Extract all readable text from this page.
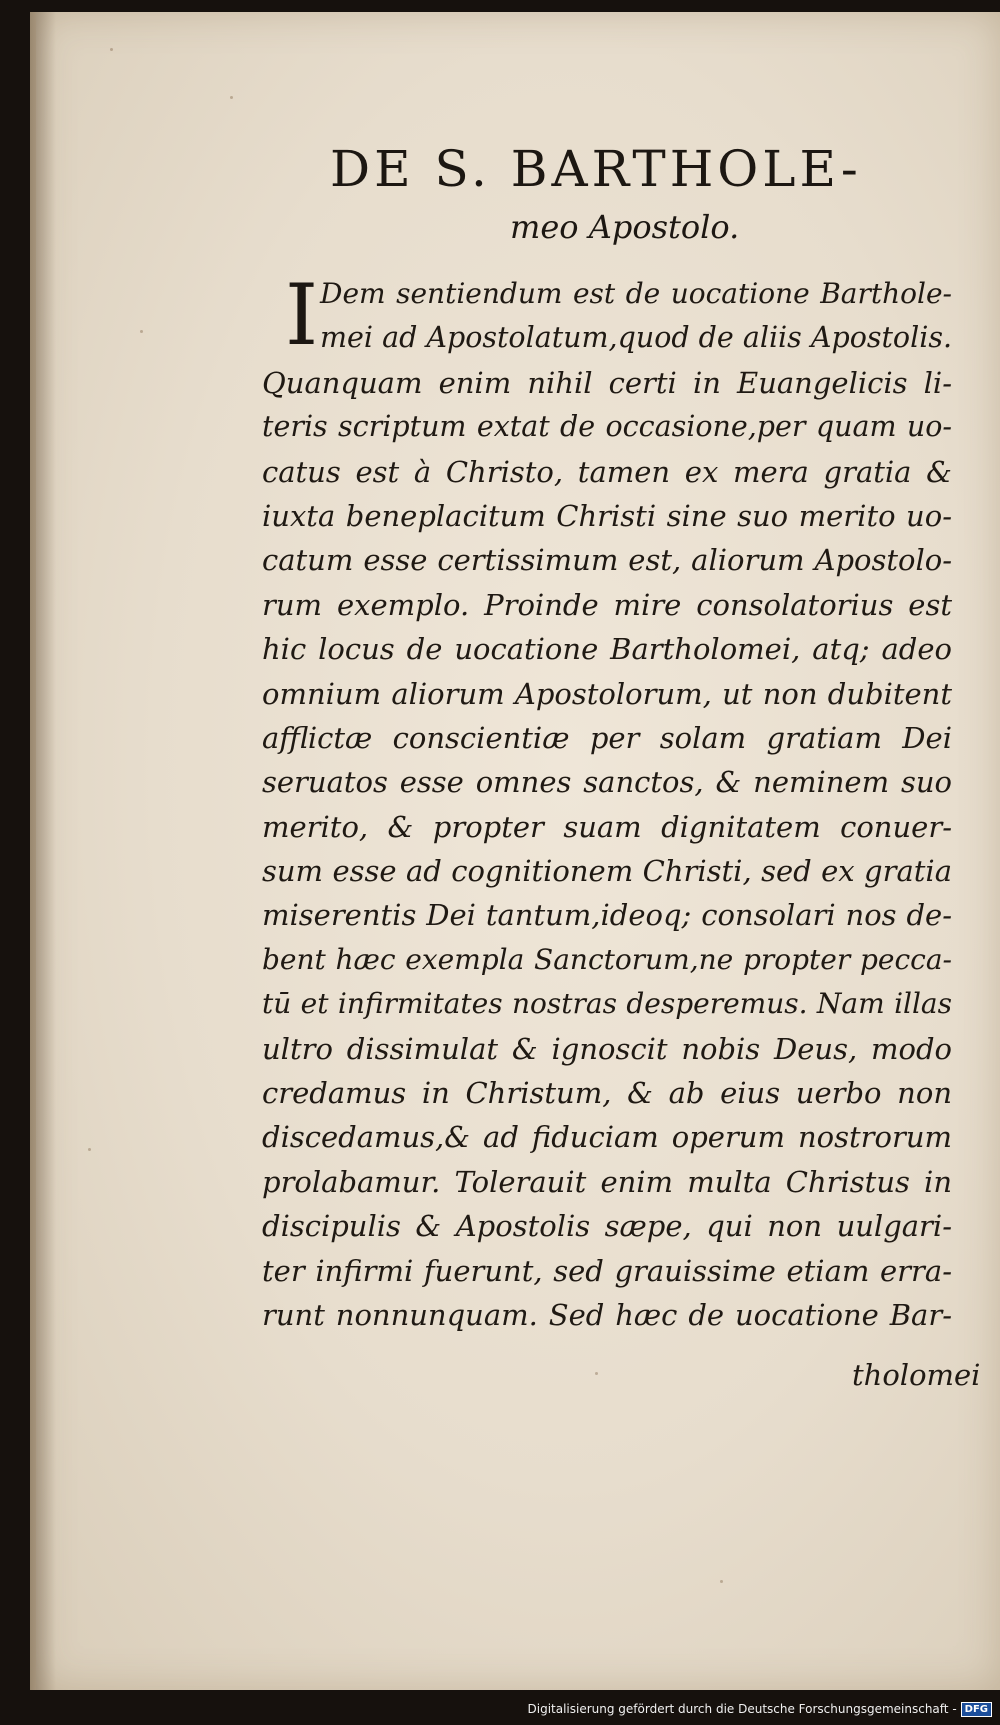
DE S. BARTHOLE-
meo Apostolo.
I Dem sentiendum est de uocatione Barthole-
mei ad Apostolatum,quod de aliis Apostolis.
Quanquam enim nihil certi in Euangelicis li-
teris scriptum extat de occasione,per quam uo-
catus est à Christo, tamen ex mera gratia &
iuxta beneplacitum Christi sine suo merito uo-
catum esse certissimum est, aliorum Apostolo-
rum exemplo. Proinde mire consolatorius est
hic locus de uocatione Bartholomei, atq; adeo
omnium aliorum Apostolorum, ut non dubitent
afflictæ conscientiæ per solam gratiam Dei
seruatos esse omnes sanctos, & neminem suo
merito, & propter suam dignitatem conuer-
sum esse ad cognitionem Christi, sed ex gratia
miserentis Dei tantum,ideoq; consolari nos de-
bent hæc exempla Sanctorum,ne propter pecca-
tū et infirmitates nostras desperemus. Nam illas
ultro dissimulat & ignoscit nobis Deus, modo
credamus in Christum, & ab eius uerbo non
discedamus,& ad fiduciam operum nostrorum
prolabamur. Tolerauit enim multa Christus in
discipulis & Apostolis sæpe, qui non uulgari-
ter infirmi fuerunt, sed grauissime etiam erra-
runt nonnunquam. Sed hæc de uocatione Bar-
tholomei
Digitalisierung gefördert durch die Deutsche Forschungsgemeinschaft - DFG
